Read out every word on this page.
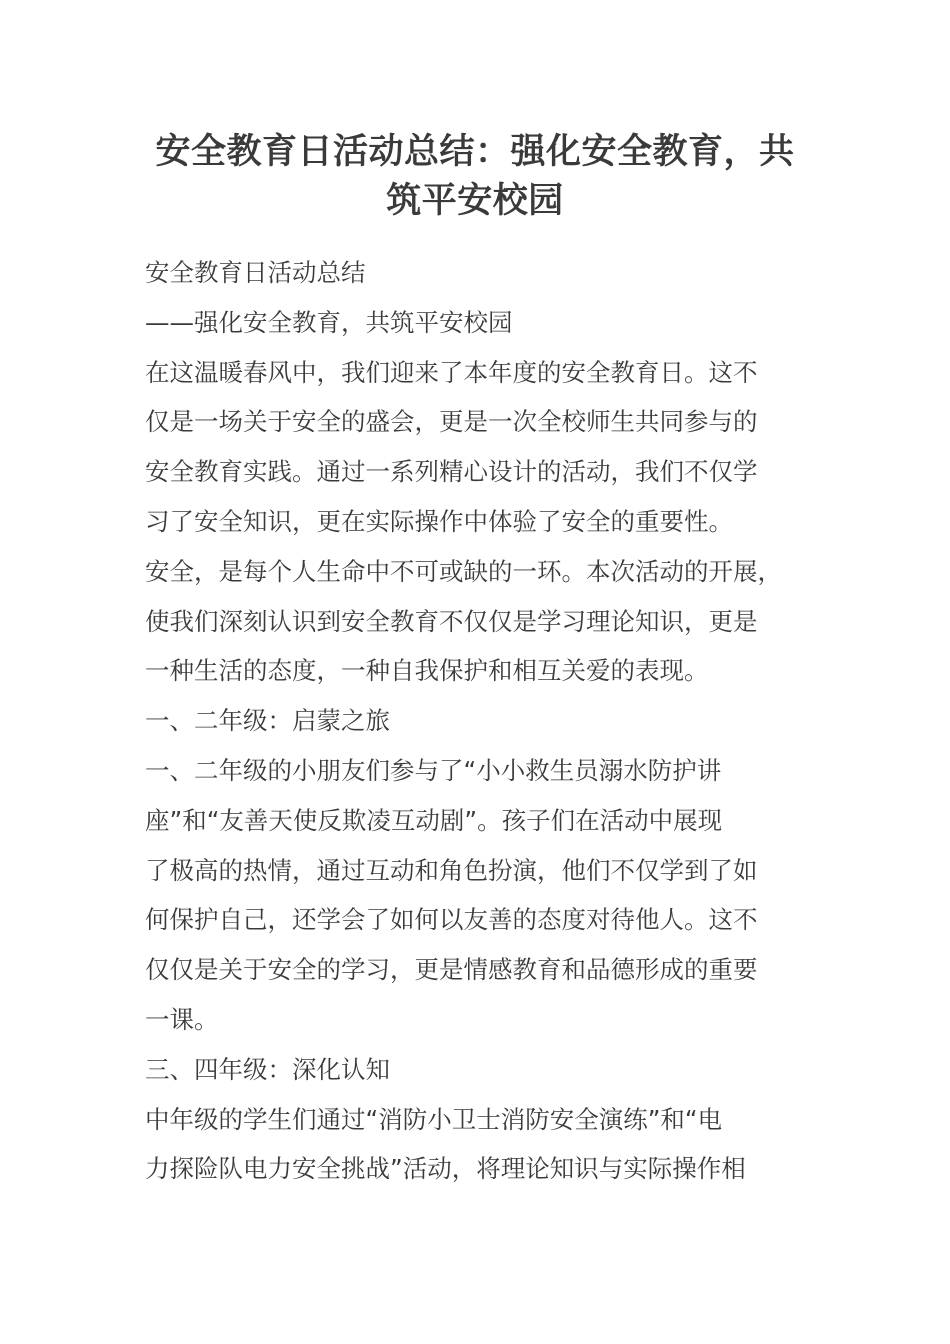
安全教育日活动总结：强化安全教育，共
筑平安校园
安全教育日活动总结
——强化安全教育，共筑平安校园
在这温暖春风中，我们迎来了本年度的安全教育日。这不
仅是一场关于安全的盛会，更是一次全校师生共同参与的
安全教育实践。通过一系列精心设计的活动，我们不仅学
习了安全知识，更在实际操作中体验了安全的重要性。
安全，是每个人生命中不可或缺的一环。本次活动的开展，
使我们深刻认识到安全教育不仅仅是学习理论知识，更是
一种生活的态度，一种自我保护和相互关爱的表现。
一、二年级：启蒙之旅
一、二年级的小朋友们参与了“小小救生员溺水防护讲
座”和“友善天使反欺凌互动剧”。孩子们在活动中展现
了极高的热情，通过互动和角色扮演，他们不仅学到了如
何保护自己，还学会了如何以友善的态度对待他人。这不
仅仅是关于安全的学习，更是情感教育和品德形成的重要
一课。
三、四年级：深化认知
中年级的学生们通过“消防小卫士消防安全演练”和“电
力探险队电力安全挑战”活动，将理论知识与实际操作相
